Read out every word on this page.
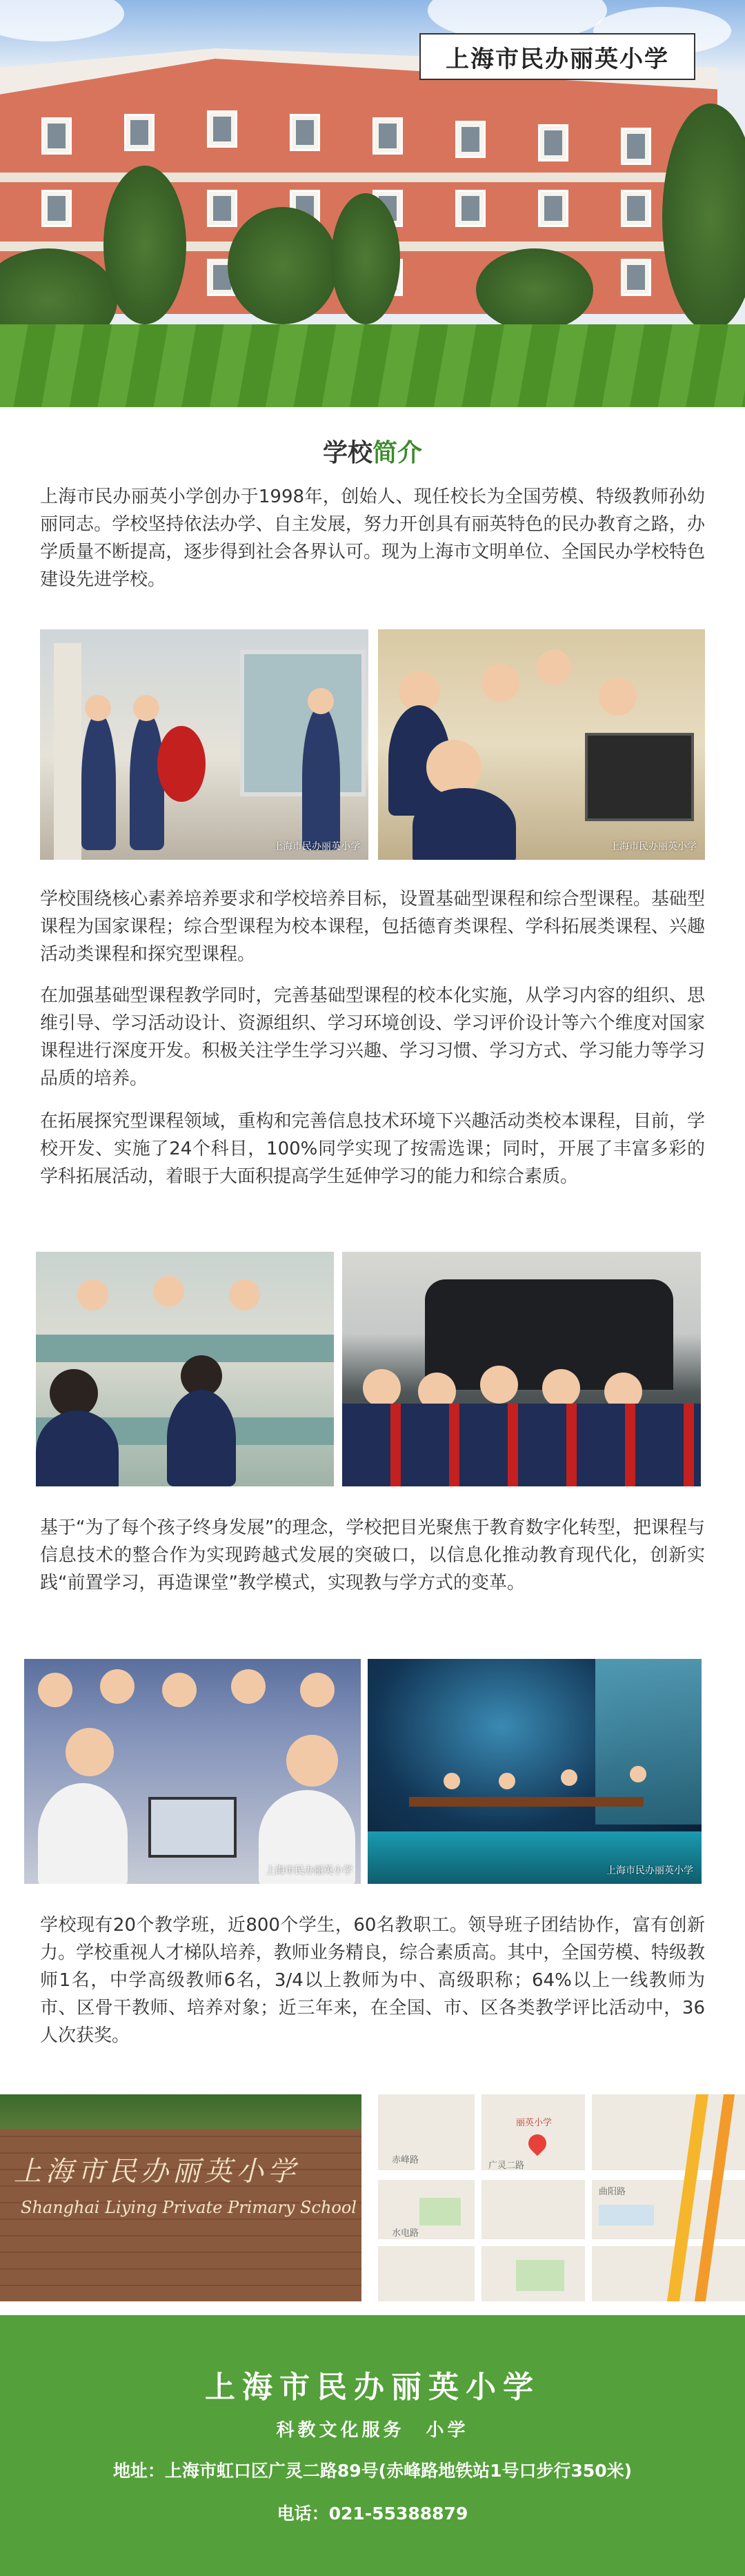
上海市民办丽英小学
学校简介

上海市民办丽英小学创办于1998年，创始人、现任校长为全国劳模、特级教师孙幼丽同志。学校坚持依法办学、自主发展，努力开创具有丽英特色的民办教育之路，办学质量不断提高，逐步得到社会各界认可。现为上海市文明单位、全国民办学校特色建设先进学校。

上海市民办丽英小学	上海市民办丽英小学

学校围绕核心素养培养要求和学校培养目标，设置基础型课程和综合型课程。基础型课程为国家课程；综合型课程为校本课程，包括德育类课程、学科拓展类课程、兴趣活动类课程和探究型课程。

在加强基础型课程教学同时，完善基础型课程的校本化实施，从学习内容的组织、思维引导、学习活动设计、资源组织、学习环境创设、学习评价设计等六个维度对国家课程进行深度开发。积极关注学生学习兴趣、学习习惯、学习方式、学习能力等学习品质的培养。

在拓展探究型课程领域，重构和完善信息技术环境下兴趣活动类校本课程，目前，学校开发、实施了24个科目，100%同学实现了按需选课；同时，开展了丰富多彩的学科拓展活动，着眼于大面积提高学生延伸学习的能力和综合素质。

基于“为了每个孩子终身发展”的理念，学校把目光聚焦于教育数字化转型，把课程与信息技术的整合作为实现跨越式发展的突破口，以信息化推动教育现代化，创新实践“前置学习，再造课堂”教学模式，实现教与学方式的变革。

上海市民办丽英小学	上海市民办丽英小学

学校现有20个教学班，近800个学生，60名教职工。领导班子团结协作，富有创新力。学校重视人才梯队培养，教师业务精良，综合素质高。其中，全国劳模、特级教师1名，中学高级教师6名，3/4以上教师为中、高级职称；64%以上一线教师为市、区骨干教师、培养对象；近三年来，在全国、市、区各类教学评比活动中，36人次获奖。

上海市民办丽英小学
Shanghai Liying Private Primary School
赤峰路
广灵二路
水电路
曲阳路
丽英小学
上海市民办丽英小学
科教文化服务　小学
地址：上海市虹口区广灵二路89号(赤峰路地铁站1号口步行350米)
电话：021-55388879
